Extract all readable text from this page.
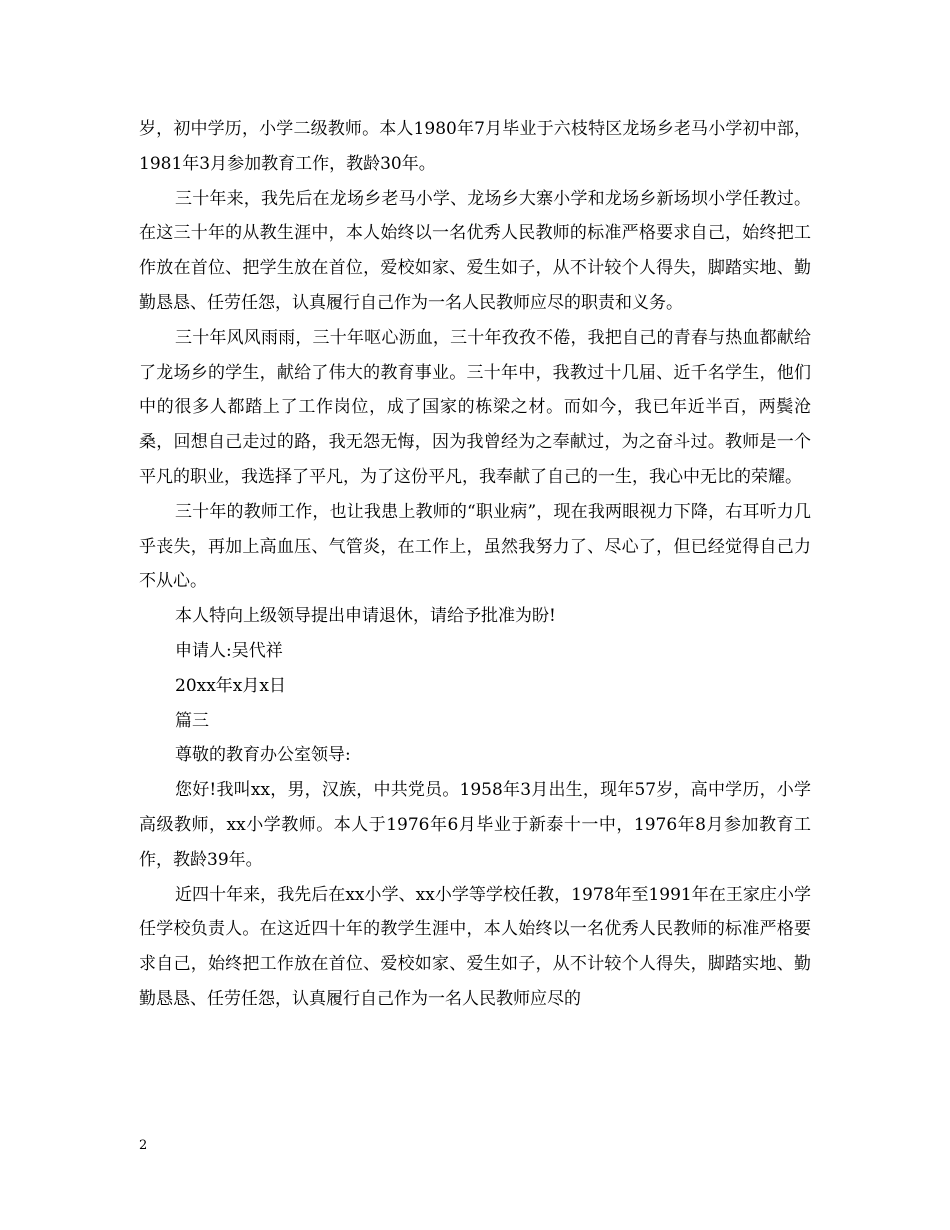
岁，初中学历，小学二级教师。本人1980年7月毕业于六枝特区龙场乡老马小学初中部，1981年3月参加教育工作，教龄30年。

三十年来，我先后在龙场乡老马小学、龙场乡大寨小学和龙场乡新场坝小学任教过。在这三十年的从教生涯中，本人始终以一名优秀人民教师的标准严格要求自己，始终把工作放在首位、把学生放在首位，爱校如家、爱生如子，从不计较个人得失，脚踏实地、勤勤恳恳、任劳任怨，认真履行自己作为一名人民教师应尽的职责和义务。

三十年风风雨雨，三十年呕心沥血，三十年孜孜不倦，我把自己的青春与热血都献给了龙场乡的学生，献给了伟大的教育事业。三十年中，我教过十几届、近千名学生，他们中的很多人都踏上了工作岗位，成了国家的栋梁之材。而如今，我已年近半百，两鬓沧桑，回想自己走过的路，我无怨无悔，因为我曾经为之奉献过，为之奋斗过。教师是一个平凡的职业，我选择了平凡，为了这份平凡，我奉献了自己的一生，我心中无比的荣耀。

三十年的教师工作，也让我患上教师的“职业病”，现在我两眼视力下降，右耳听力几乎丧失，再加上高血压、气管炎，在工作上，虽然我努力了、尽心了，但已经觉得自己力不从心。

本人特向上级领导提出申请退休，请给予批准为盼!

申请人:吴代祥

20xx年x月x日

篇三

尊敬的教育办公室领导:

您好!我叫xx，男，汉族，中共党员。1958年3月出生，现年57岁，高中学历，小学高级教师，xx小学教师。本人于1976年6月毕业于新泰十一中，1976年8月参加教育工作，教龄39年。

近四十年来，我先后在xx小学、xx小学等学校任教，1978年至1991年在王家庄小学任学校负责人。在这近四十年的教学生涯中，本人始终以一名优秀人民教师的标准严格要求自己，始终把工作放在首位、爱校如家、爱生如子，从不计较个人得失，脚踏实地、勤勤恳恳、任劳任怨，认真履行自己作为一名人民教师应尽的

2
